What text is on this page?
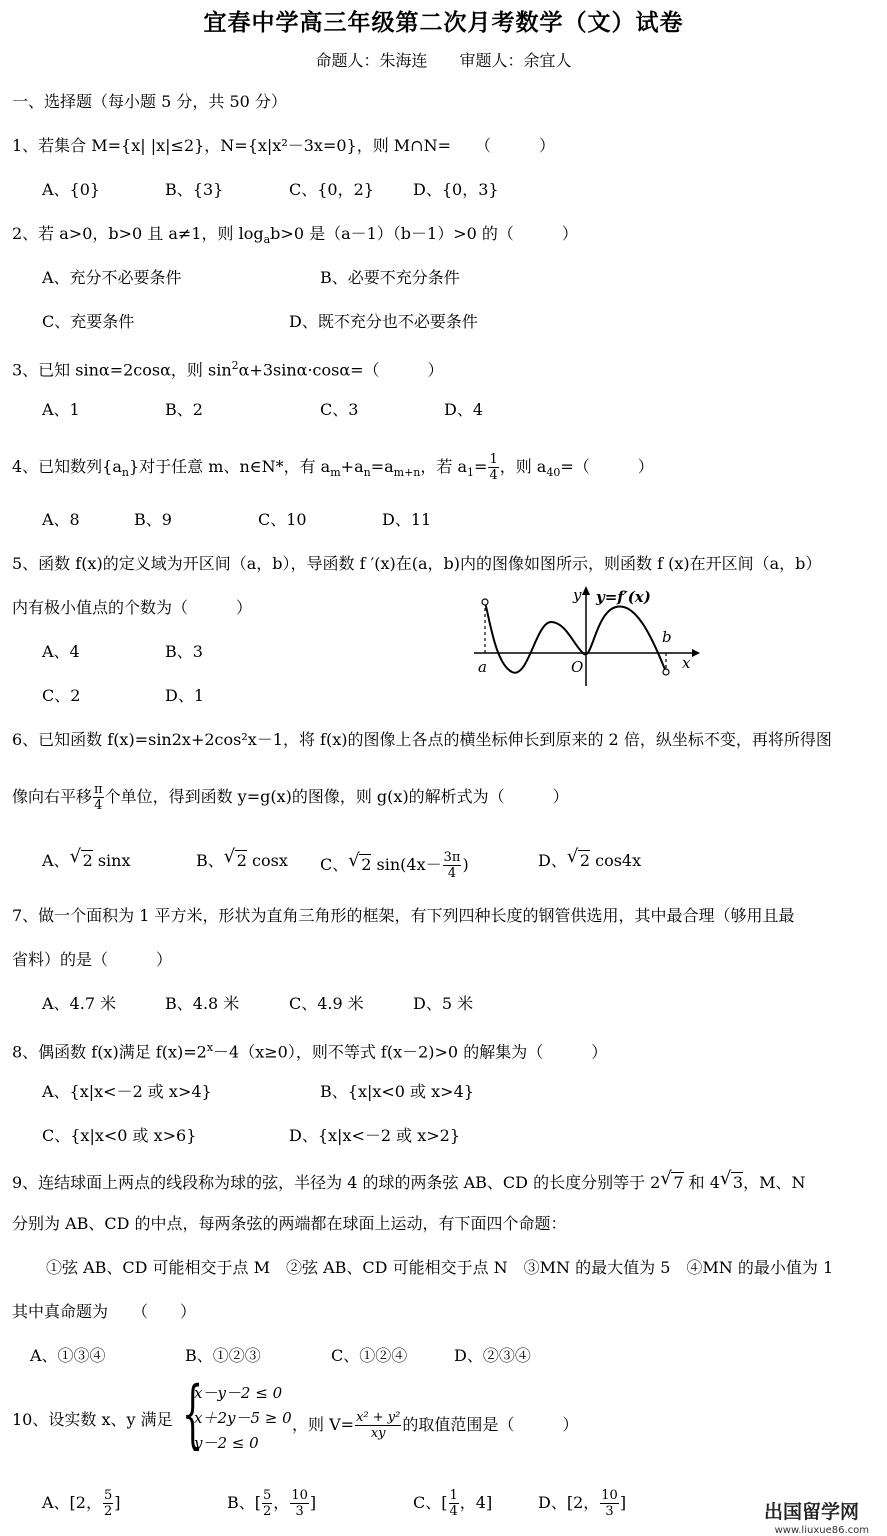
宜春中学高三年级第二次月考数学（文）试卷
命题人：朱海连   审题人：余宜人
一、选择题（每小题 5 分，共 50 分）
1、若集合 M={x| |x|≤2}，N={x|x²－3x=0}，则 M∩N=　　（　　　）
A、{0}	B、{3}	C、{0，2} D、{0，3}
2、若 a>0，b>0 且 a≠1，则 $\log_ab>0$ 是（a－1）（b－1）>0 的（　　　）
A、充分不必要条件	B、必要不充分条件
C、充要条件	D、既不充分也不必要条件
3、已知 sinα=2cosα，则 $\sin^2\alpha+3\sin\alpha\cdot\cos\alpha=$（　　　）
A、1	B、2	C、3	D、4
4、已知数列$\{a_n\}$对于任意 m、n∈N*，有 $a_m+a_n=a_{m+n}$，若 $a_1= \frac{1}{4}$ ，则 $a_{40}=$（　　　）
A、8	B、9	C、10	D、11
5、函数 f(x)的定义域为开区间（a，b），导函数 f ′(x)在(a，b)内的图像如图所示，则函数 f (x)在开区间（a，b）
内有极小值点的个数为（　　　）
A、4	B、3
C、2	D、1
y y=f′(x)
a	O
b
x
6、已知函数 f(x)=sin2x+2cos²x－1，将 f(x)的图像上各点的横坐标伸长到原来的 2 倍，纵坐标不变，再将所得图
像向右平移 $\frac{\pi}{4}$ 个单位，得到函数 y=g(x)的图像，则 g(x)的解析式为（　　　）
A、 √ 2 sinx	B、 √ 2 cosx C、 √ 2 $\sin(4x- \frac{3\pi}{4}$ )	D、 √ 2 cos4x
7、做一个面积为 1 平方米，形状为直角三角形的框架，有下列四种长度的钢管供选用，其中最合理（够用且最
省料）的是（　　　）
A、4.7 米	B、4.8 米	C、4.9 米	D、5 米
8、偶函数 f(x)满足 $f(x)=2^x-4(x\ge 0)$，则不等式 f(x－2)>0 的解集为（　　　）
A、{x|x<－2 或 x>4}	B、{x|x<0 或 x>4}
C、{x|x<0 或 x>6}	D、{x|x<－2 或 x>2}
9、连结球面上两点的线段称为球的弦，半径为 4 的球的两条弦 AB、CD 的长度分别等于 2 √ 7 和 4 √ 3，M、N
分别为 AB、CD 的中点，每两条弦的两端都在球面上运动，有下面四个命题：
①弦 AB、CD 可能相交于点 M　②弦 AB、CD 可能相交于点 N　③MN 的最大值为 5　④MN 的最小值为 1
其中真命题为　　（　　）
A、①③④	B、①②③	C、①②④	D、②③④
10、设实数 x、y 满足 {
x－y－2 ≤ 0
x＋2y－5 ≥ 0
y－2 ≤ 0
，则 $V= \frac{\text{x² + y²}}{xy}$ 的取值范围是（　　　）
A、[2， $\frac{5}{2}$ ]	B、[ $\frac{5}{2}$ ， $\frac{10}{3}$ ]	C、[ $\frac{1}{4}$ ，4]	D、[2， $\frac{10}{3}$ ]	出国留学网
www.liuxue86.com
